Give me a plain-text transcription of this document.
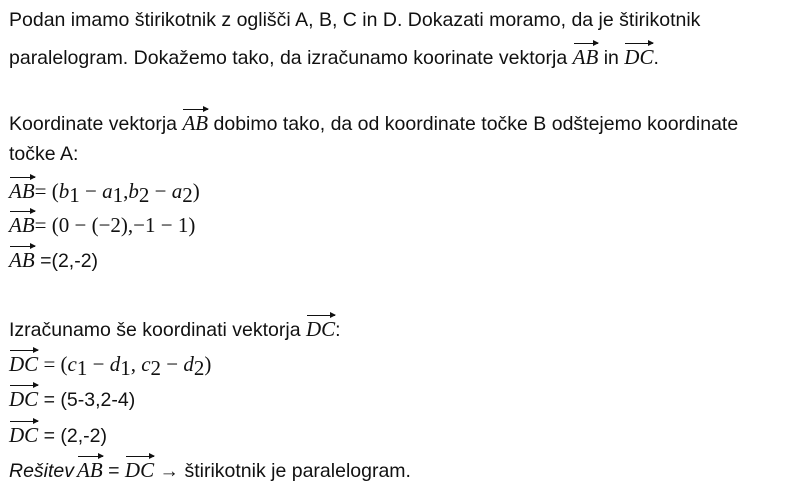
Podan imamo štirikotnik z oglišči A, B, C in D. Dokazati moramo, da je štirikotnik
paralelogram. Dokažemo tako, da izračunamo koorinate vektorja AB in DC.
Koordinate vektorja AB dobimo tako, da od koordinate točke B odštejemo koordinate
točke A:
$AB= (b_1 - a_1,b_2 - a_2)$
AB= (0 − (−2),−1 − 1)
AB =(2,-2)
Izračunamo še koordinati vektorja DC:
DC = ($c_1 - d_1$, $c_2 - d_2$)
DC = (5-3,2-4)
DC = (2,-2)
Rešitev AB = DC → štirikotnik je paralelogram.
